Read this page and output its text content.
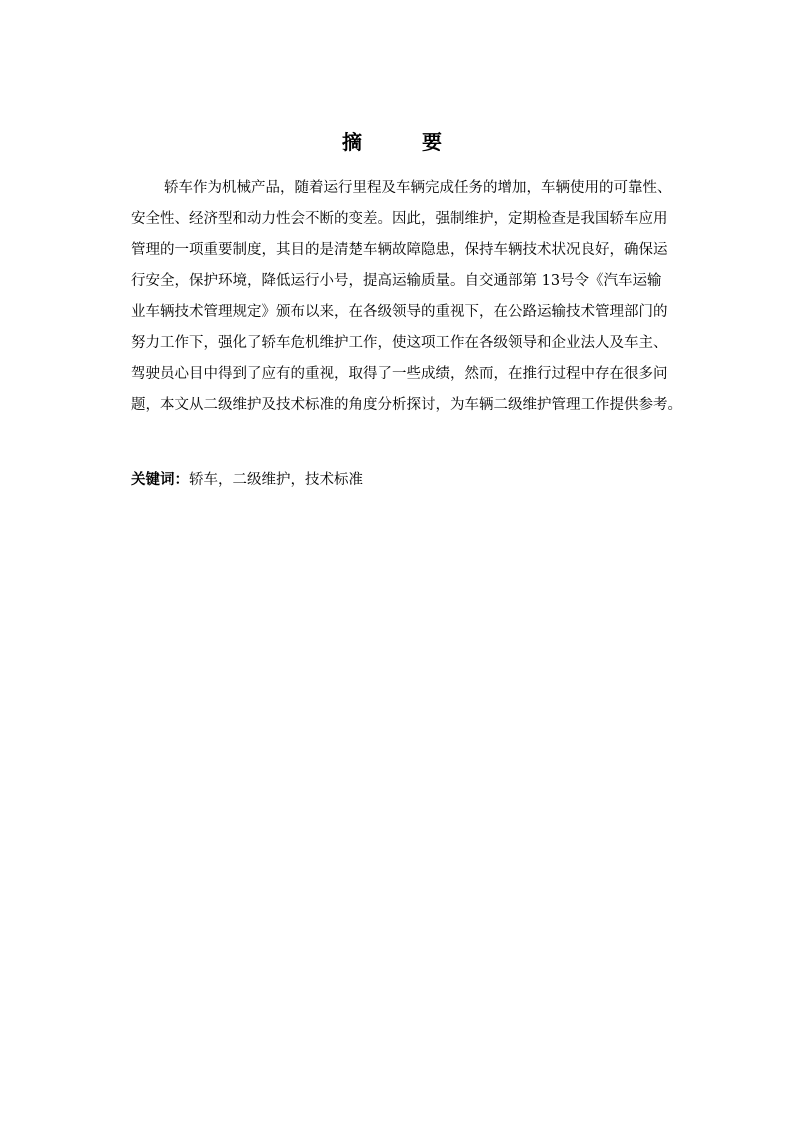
摘　要
轿车作为机械产品，随着运行里程及车辆完成任务的增加，车辆使用的可靠性、
安全性、经济型和动力性会不断的变差。因此，强制维护，定期检查是我国轿车应用
管理的一项重要制度，其目的是清楚车辆故障隐患，保持车辆技术状况良好，确保运
行安全，保护环境，降低运行小号，提高运输质量。自交通部第 13号令《汽车运输
业车辆技术管理规定》颁布以来，在各级领导的重视下，在公路运输技术管理部门的
努力工作下，强化了轿车危机维护工作，使这项工作在各级领导和企业法人及车主、
驾驶员心目中得到了应有的重视，取得了一些成绩，然而，在推行过程中存在很多问
题，本文从二级维护及技术标准的角度分析探讨，为车辆二级维护管理工作提供参考。
关键词：轿车，二级维护，技术标准
